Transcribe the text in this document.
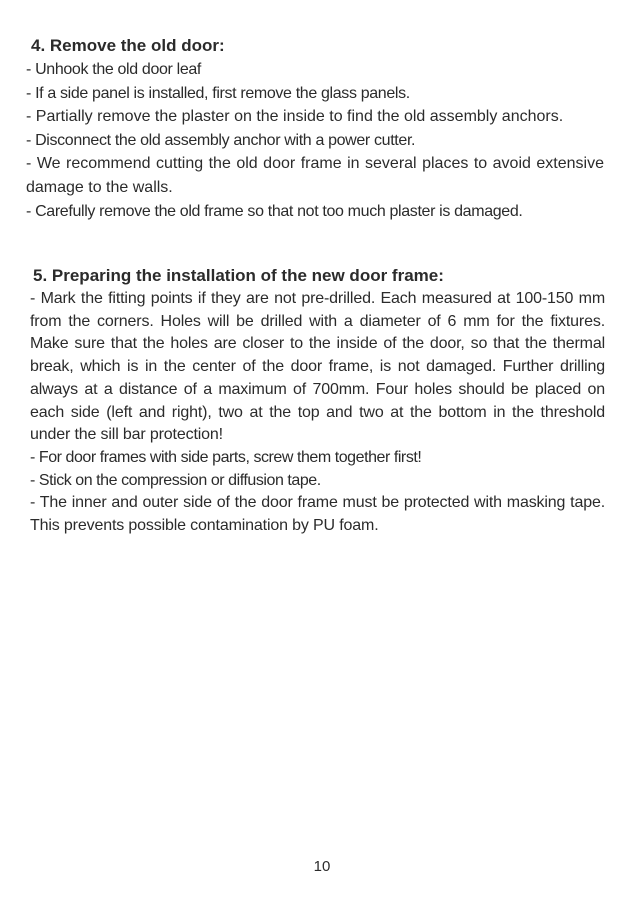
4. Remove the old door:

- Unhook the old door leaf

- If a side panel is installed, first remove the glass panels.

- Partially remove the plaster on the inside to find the old assembly anchors.

- Disconnect the old assembly anchor with a power cutter.

- We recommend cutting the old door frame in several places to avoid extensive damage to the walls.

- Carefully remove the old frame so that not too much plaster is damaged.

5. Preparing the installation of the new door frame:

- Mark the fitting points if they are not pre-drilled. Each measured at 100-150 mm from the corners. Holes will be drilled with a diameter of 6 mm for the fixtures. Make sure that the holes are closer to the inside of the door, so that the thermal break, which is in the center of the door frame, is not damaged. Further drilling always at a distance of a maximum of 700mm. Four holes should be placed on each side (left and right), two at the top and two at the bottom in the threshold under the sill bar protection!

- For door frames with side parts, screw them together first!

- Stick on the compression or diffusion tape.

- The inner and outer side of the door frame must be protected with masking tape. This prevents possible contamination by PU foam.

10
